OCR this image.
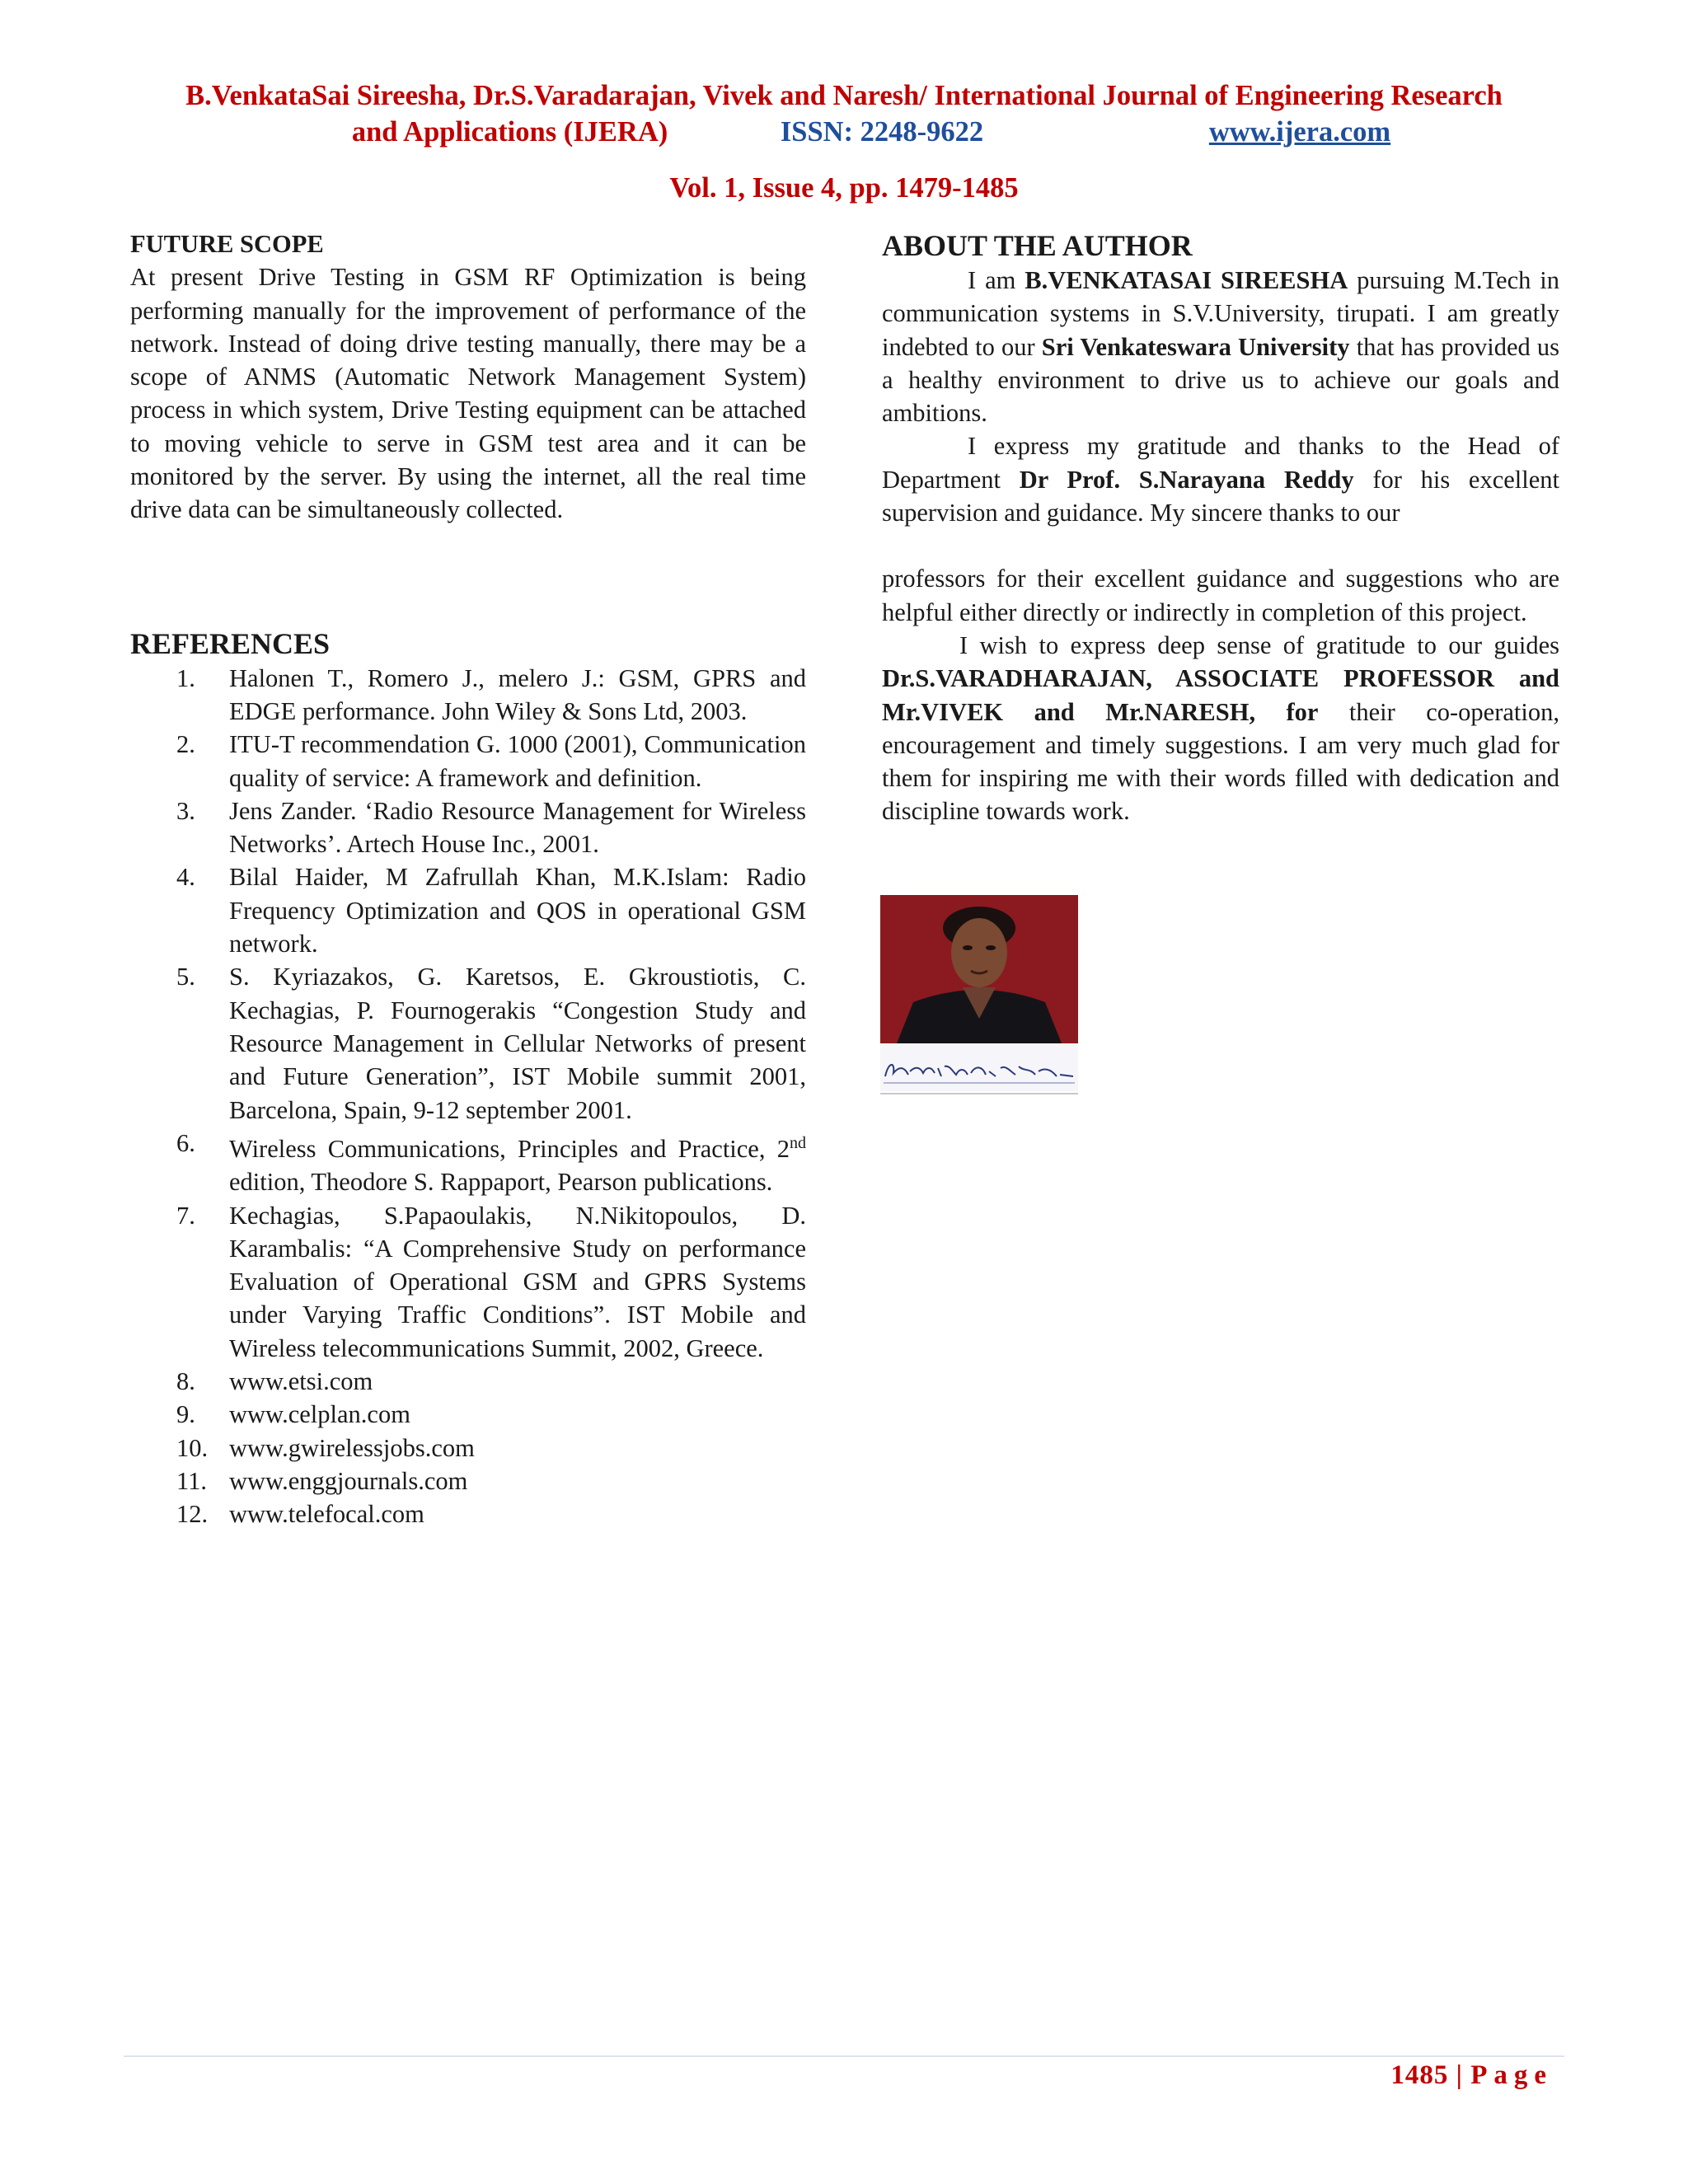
B.VenkataSai Sireesha, Dr.S.Varadarajan, Vivek and Naresh/ International Journal of Engineering Research
and Applications (IJERA)	ISSN: 2248-9622	www.ijera.com
Vol. 1, Issue 4, pp. 1479-1485
FUTURE SCOPE

At present Drive Testing in GSM RF Optimization is being performing manually for the improvement of performance of the network. Instead of doing drive testing manually, there may be a scope of ANMS (Automatic Network Management System) process in which system, Drive Testing equipment can be attached to moving vehicle to serve in GSM test area and it can be monitored by the server. By using the internet, all the real time drive data can be simultaneously collected.

REFERENCES
1.	Halonen T., Romero J., melero J.: GSM, GPRS and EDGE performance. John Wiley & Sons Ltd, 2003.
2.	ITU-T recommendation G. 1000 (2001), Communication quality of service: A framework and definition.
3.	Jens Zander. ‘Radio Resource Management for Wireless Networks’. Artech House Inc., 2001.
4.	Bilal Haider, M Zafrullah Khan, M.K.Islam: Radio Frequency Optimization and QOS in operational GSM network.
5.	S. Kyriazakos, G. Karetsos, E. Gkroustiotis, C. Kechagias, P. Fournogerakis “Congestion Study and Resource Management in Cellular Networks of present and Future Generation”, IST Mobile summit 2001, Barcelona, Spain, 9-12 september 2001.
6.	Wireless Communications, Principles and Practice, 2nd edition, Theodore S. Rappaport, Pearson publications.
7.	Kechagias, S.Papaoulakis, N.Nikitopoulos, D. Karambalis: “A Comprehensive Study on performance Evaluation of Operational GSM and GPRS Systems under Varying Traffic Conditions”. IST Mobile and Wireless telecommunications Summit, 2002, Greece.
8.	www.etsi.com
9.	www.celplan.com
10. www.gwirelessjobs.com
11. www.enggjournals.com
12. www.telefocal.com
ABOUT THE AUTHOR

I am B.VENKATASAI SIREESHA pursuing M.Tech in communication systems in S.V.University, tirupati. I am greatly indebted to our Sri Venkateswara University that has provided us a healthy environment to drive us to achieve our goals and ambitions.

I express my gratitude and thanks to the Head of Department Dr Prof. S.Narayana Reddy for his excellent supervision and guidance. My sincere thanks to our

professors for their excellent guidance and suggestions who are helpful either directly or indirectly in completion of this project.

I wish to express deep sense of gratitude to our guides Dr.S.VARADHARAJAN, ASSOCIATE PROFESSOR and Mr.VIVEK and Mr.NARESH, for their co-operation, encouragement and timely suggestions. I am very much glad for them for inspiring me with their words filled with dedication and discipline towards work.

1485 | Page
